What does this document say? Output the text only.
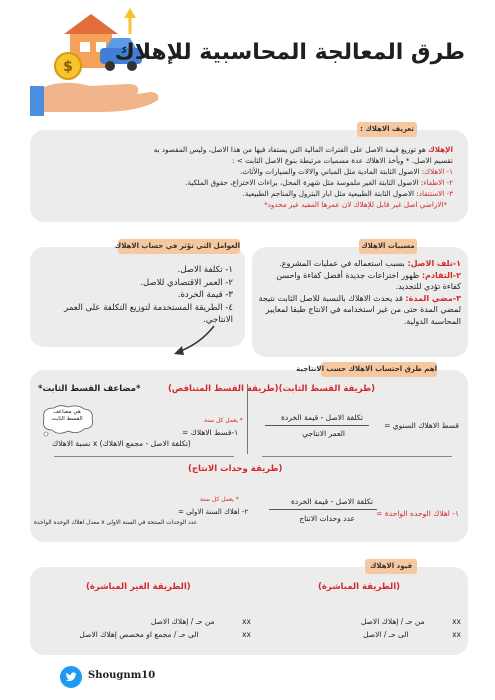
$
طرق المعالجة المحاسبية للإهلاك
تعريف الاهلاك :
الإهلاك هو توزيع قيمة الاصل على الفترات المالية التي يستفاد فيها من هذا الاصل، وليس المقصود به
تقسيم الاصل. * ويأخذ الاهلاك عدة مسميات مرتبطة بنوع الاصل الثابت > :
١- الاهلاك: الاصول الثابتة المادية مثل المباني والالات والسيارات والأثاث.
٢- الاطفاء: الاصول الثابتة الغير ملموسة مثل شهرة المحل، براءات الاختراع، حقوق الملكية.
٣- الاستنفاد: الاصول الثابتة الطبيعية مثل ابار البترول والمناجم الطبيعية.
*الاراضي اصل غير قابل للإهلاك لان عمرها المفيد غير محدود*
مسببات الاهلاك
١-تلف الاصل: بسبب استعماله في عمليات المشروع.
٢-التقادم: ظهور اختراعات جديدة أفضل كفاءة واحسن كفاءة تؤدي للتجديد.
٣-مضي المدة: قد يحدث الاهلاك بالنسبة للاصل الثابت نتيجة لمضي المدة حتى من غير استخدامه في الانتاج طبقا لمعايير المحاسبة الدولية.
العوامل التي تؤثر في حساب الاهلاك
١- تكلفة الاصل.
٢- العمر الاقتصادي للاصل.
٣- قيمة الخردة.
٤- الطريقة المستخدمة لتوزيع التكلفة على العمر الانتاجي.
اهم طرق احتساب الاهلاك حسب الانتاجية
(طريقة القسط الثابت)
قسط الاهلاك السنوي =
تكلفة الاصل - قيمة الخردة
العمر الانتاجي
(طريقة القسط المتناقص)
*مضاعف القسط الثابت*
* يعمل كل سنة
١-قسط الاهلاك =
(تكلفة الاصل - مجمع الاهلاك) x نسبة الاهلاك
هي مضاعف القسط الثابت
(طريقة وحدات الانتاج)
تكلفة الاصل - قيمة الخردة
عدد وحدات الانتاج
١- اهلاك الوحده الواحدة =
* يعمل كل سنة
٢- اهلاك السنة الاولى =
عدد الوحدات المنتجة في السنة الاولى x معدل اهلاك الوحده الواحدة
قيود الاهلاك
(الطريقة المباشرة)
(الطريقة الغير المباشرة)
xx من حـ / إهلاك الاصل
xx الى حـ / الاصل
xx من حـ / إهلاك الاصل
xx الى حـ / مجمع او مخصص إهلاك الاصل
Shougnm10
